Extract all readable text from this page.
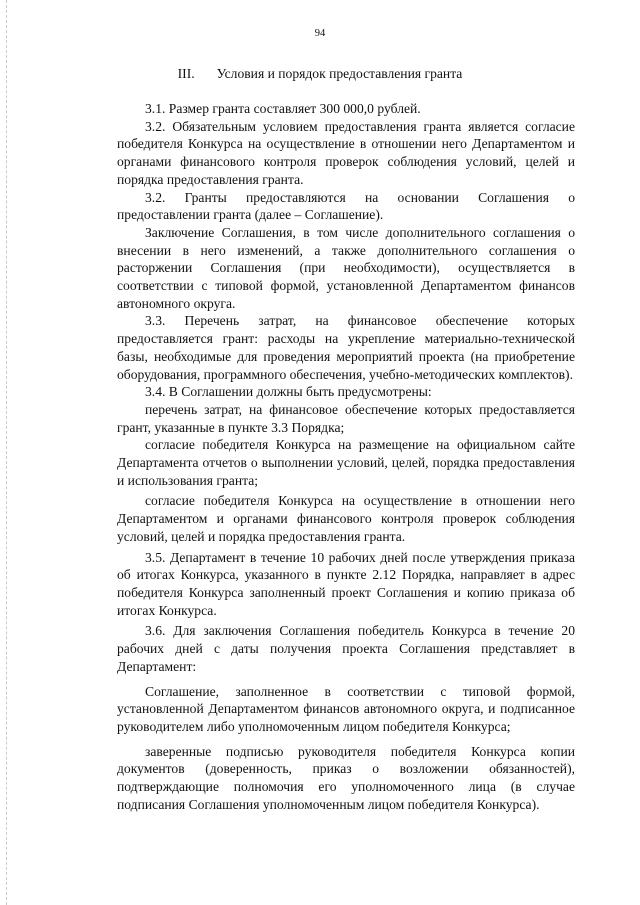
94
III. Условия и порядок предоставления гранта

3.1. Размер гранта составляет 300 000,0 рублей.

3.2. Обязательным условием предоставления гранта является согласие победителя Конкурса на осуществление в отношении него Департаментом и органами финансового контроля проверок соблюдения условий, целей и порядка предоставления гранта.

3.2. Гранты предоставляются на основании Соглашения о предоставлении гранта (далее – Соглашение).

Заключение Соглашения, в том числе дополнительного соглашения о внесении в него изменений, а также дополнительного соглашения о расторжении Соглашения (при необходимости), осуществляется в соответствии с типовой формой, установленной Департаментом финансов автономного округа.

3.3. Перечень затрат, на финансовое обеспечение которых предоставляется грант: расходы на укрепление материально-технической базы, необходимые для проведения мероприятий проекта (на приобретение оборудования, программного обеспечения, учебно-методических комплектов).

3.4. В Соглашении должны быть предусмотрены:

перечень затрат, на финансовое обеспечение которых предоставляется грант, указанные в пункте 3.3 Порядка;

согласие победителя Конкурса на размещение на официальном сайте Департамента отчетов о выполнении условий, целей, порядка предоставления и использования гранта;

согласие победителя Конкурса на осуществление в отношении него Департаментом и органами финансового контроля проверок соблюдения условий, целей и порядка предоставления гранта.

3.5. Департамент в течение 10 рабочих дней после утверждения приказа об итогах Конкурса, указанного в пункте 2.12 Порядка, направляет в адрес победителя Конкурса заполненный проект Соглашения и копию приказа об итогах Конкурса.

3.6. Для заключения Соглашения победитель Конкурса в течение 20 рабочих дней с даты получения проекта Соглашения представляет в Департамент:

Соглашение, заполненное в соответствии с типовой формой, установленной Департаментом финансов автономного округа, и подписанное руководителем либо уполномоченным лицом победителя Конкурса;

заверенные подписью руководителя победителя Конкурса копии документов (доверенность, приказ о возложении обязанностей), подтверждающие полномочия его уполномоченного лица (в случае подписания Соглашения уполномоченным лицом победителя Конкурса).
